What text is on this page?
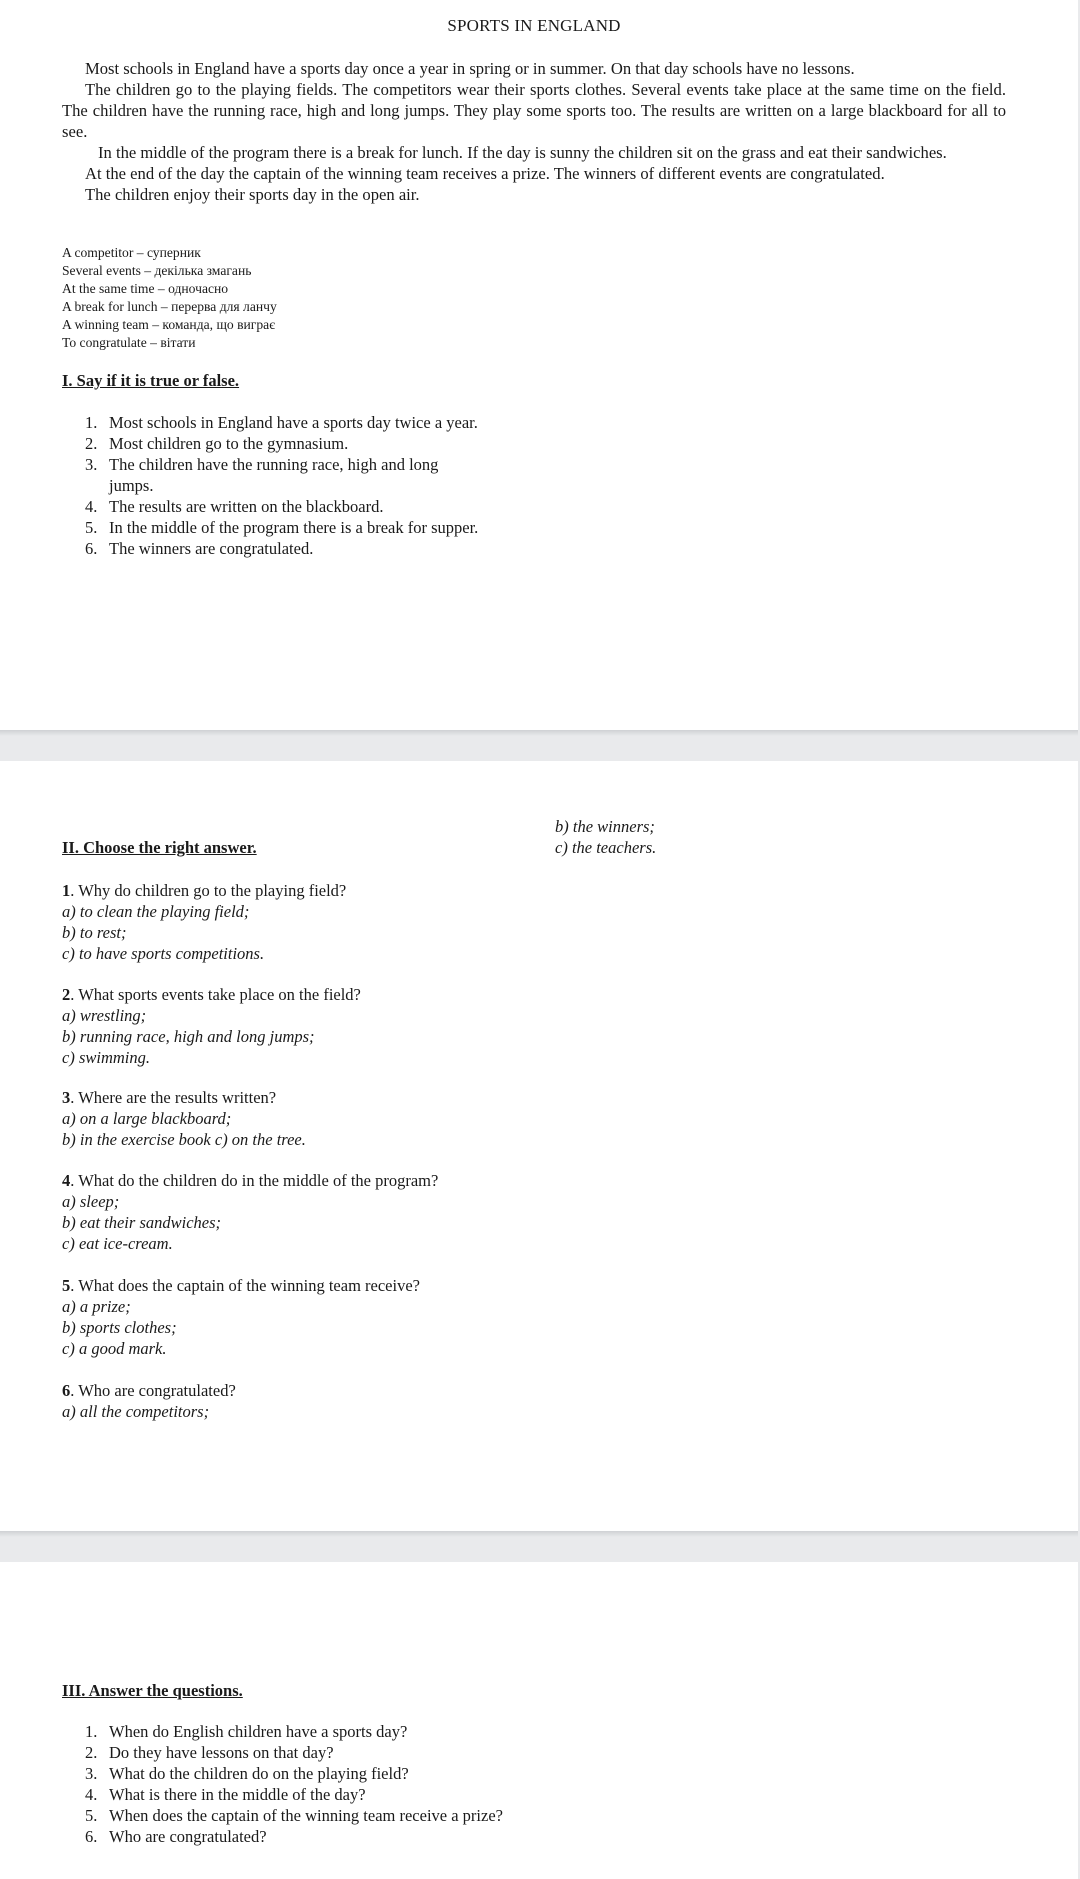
SPORTS IN ENGLAND

Most schools in England have a sports day once a year in spring or in summer. On that day schools have no lessons.

The children go to the playing fields. The competitors wear their sports clothes. Several events take place at the same time on the field. The children have the running race, high and long jumps. They play some sports too. The results are written on a large blackboard for all to see.

In the middle of the program there is a break for lunch. If the day is sunny the children sit on the grass and eat their sandwiches.

At the end of the day the captain of the winning team receives a prize. The winners of different events are congratulated.

The children enjoy their sports day in the open air.

A competitor – суперник
Several events – декілька змагань
At the same time – одночасно
A break for lunch – перерва для ланчу
A winning team – команда, що виграє
To congratulate – вітати
I. Say if it is true or false.
1. Most schools in England have a sports day twice a year.
2. Most children go to the gymnasium.
3. The children have the running race, high and long jumps.
4. The results are written on the blackboard.
5. In the middle of the program there is a break for supper.
6. The winners are congratulated.
b) the winners;
c) the teachers.
II. Choose the right answer.
1. Why do children go to the playing field?
a) to clean the playing field;
b) to rest;
c) to have sports competitions.
2. What sports events take place on the field?
a) wrestling;
b) running race, high and long jumps;
c) swimming.
3. Where are the results written?
a) on a large blackboard;
b) in the exercise book c) on the tree.
4. What do the children do in the middle of the program?
a) sleep;
b) eat their sandwiches;
c) eat ice-cream.
5. What does the captain of the winning team receive?
a) a prize;
b) sports clothes;
c) a good mark.
6. Who are congratulated?
a) all the competitors;
III. Answer the questions.
1. When do English children have a sports day?
2. Do they have lessons on that day?
3. What do the children do on the playing field?
4. What is there in the middle of the day?
5. When does the captain of the winning team receive a prize?
6. Who are congratulated?
